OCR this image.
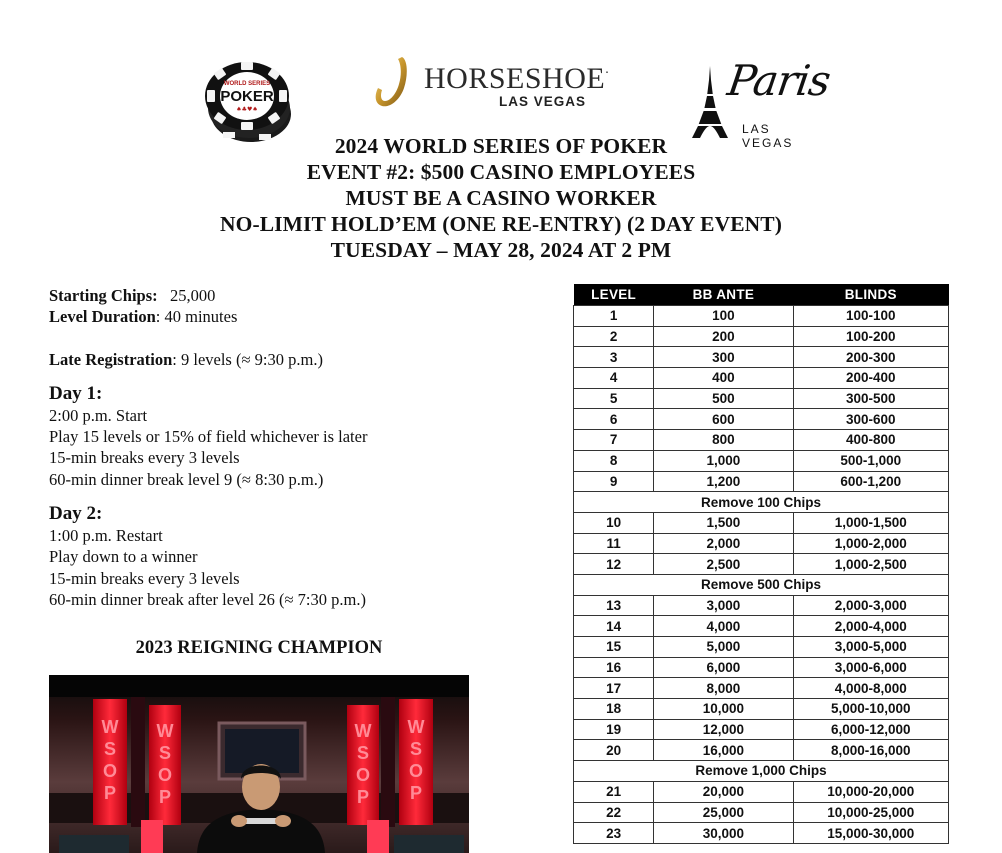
WORLD SERIES
POKER
♠♣♥♠
HORSESHOE.
LAS VEGAS	Paris
LAS VEGAS
2024 WORLD SERIES OF POKER
EVENT #2: $500 CASINO EMPLOYEES
MUST BE A CASINO WORKER
NO-LIMIT HOLD’EM (ONE RE-ENTRY) (2 DAY EVENT)
TUESDAY – MAY 28, 2024 AT 2 PM
Starting Chips: 25,000
Level Duration: 40 minutes
Late Registration: 9 levels (≈ 9:30 p.m.)
Day 1:
2:00 p.m. Start
Play 15 levels or 15% of field whichever is later
15-min breaks every 3 levels
60-min dinner break level 9 (≈ 8:30 p.m.)
Day 2:
1:00 p.m. Restart
Play down to a winner
15-min breaks every 3 levels
60-min dinner break after level 26 (≈ 7:30 p.m.)
2023 REIGNING CHAMPION
W
S
O
P
W
S
O
P
W
S
O
P
W
S
O
P
LEVEL	BB ANTE	BLINDS
1	100	100-100
2	200	100-200
3	300	200-300
4	400	200-400
5	500	300-500
6	600	300-600
7	800	400-800
8	1,000	500-1,000
9	1,200	600-1,200
Remove 100 Chips		
10	1,500	1,000-1,500
11	2,000	1,000-2,000
12	2,500	1,000-2,500
Remove 500 Chips		
13	3,000	2,000-3,000
14	4,000	2,000-4,000
15	5,000	3,000-5,000
16	6,000	3,000-6,000
17	8,000	4,000-8,000
18	10,000	5,000-10,000
19	12,000	6,000-12,000
20	16,000	8,000-16,000
Remove 1,000 Chips		
21	20,000	10,000-20,000
22	25,000	10,000-25,000
23	30,000	15,000-30,000
